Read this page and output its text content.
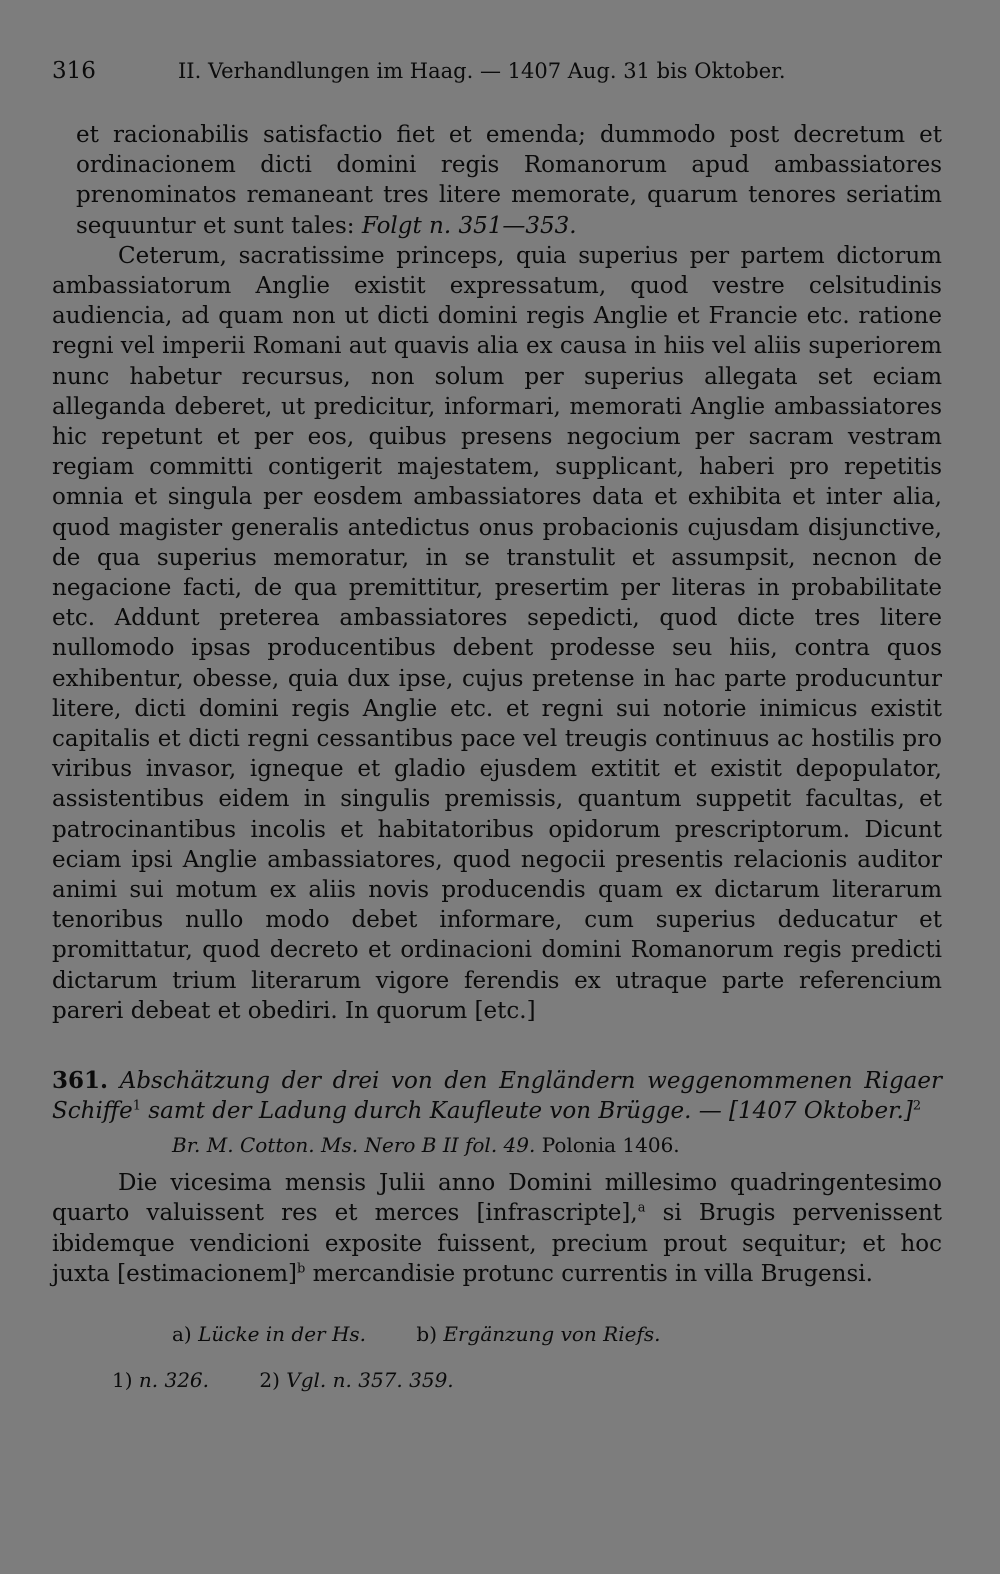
316	II. Verhandlungen im Haag. — 1407 Aug. 31 bis Oktober.

et racionabilis satisfactio fiet et emenda; dummodo post decretum et ordinacionem dicti domini regis Romanorum apud ambassiatores prenominatos remaneant tres litere memorate, quarum tenores seriatim sequuntur et sunt tales: Folgt n. 351—353.

Ceterum, sacratissime princeps, quia superius per partem dictorum ambassiatorum Anglie existit expressatum, quod vestre celsitudinis audiencia, ad quam non ut dicti domini regis Anglie et Francie etc. ratione regni vel imperii Romani aut quavis alia ex causa in hiis vel aliis superiorem nunc habetur recursus, non solum per superius allegata set eciam alleganda deberet, ut predicitur, informari, memorati Anglie ambassiatores hic repetunt et per eos, quibus presens negocium per sacram vestram regiam committi contigerit majestatem, supplicant, haberi pro repetitis omnia et singula per eosdem ambassiatores data et exhibita et inter alia, quod magister generalis antedictus onus probacionis cujusdam disjunctive, de qua superius memoratur, in se transtulit et assumpsit, necnon de negacione facti, de qua premittitur, presertim per literas in probabilitate etc. Addunt preterea ambassiatores sepedicti, quod dicte tres litere nullomodo ipsas producentibus debent prodesse seu hiis, contra quos exhibentur, obesse, quia dux ipse, cujus pretense in hac parte producuntur litere, dicti domini regis Anglie etc. et regni sui notorie inimicus existit capitalis et dicti regni cessantibus pace vel treugis continuus ac hostilis pro viribus invasor, igneque et gladio ejusdem extitit et existit depopulator, assistentibus eidem in singulis premissis, quantum suppetit facultas, et patrocinantibus incolis et habitatoribus opidorum prescriptorum. Dicunt eciam ipsi Anglie ambassiatores, quod negocii presentis relacionis auditor animi sui motum ex aliis novis producendis quam ex dictarum literarum tenoribus nullo modo debet informare, cum superius deducatur et promittatur, quod decreto et ordinacioni domini Romanorum regis predicti dictarum trium literarum vigore ferendis ex utraque parte referencium pareri debeat et obediri. In quorum [etc.]

361. Abschätzung der drei von den Engländern weggenommenen Rigaer Schiffe$^1$ samt der Ladung durch Kaufleute von Brügge. — [1407 Oktober.]$^2$

Br. M. Cotton. Ms. Nero B II fol. 49. Polonia 1406.

Die vicesima mensis Julii anno Domini millesimo quadringentesimo quarto valuissent res et merces [infrascripte],$^a$ si Brugis pervenissent ibidemque vendicioni exposite fuissent, precium prout sequitur; et hoc juxta [estimacionem]$^b$ mercandisie protunc currentis in villa Brugensi.

a) Lücke in der Hs.	b) Ergänzung von Riefs.
1) n. 326.	2) Vgl. n. 357. 359.
